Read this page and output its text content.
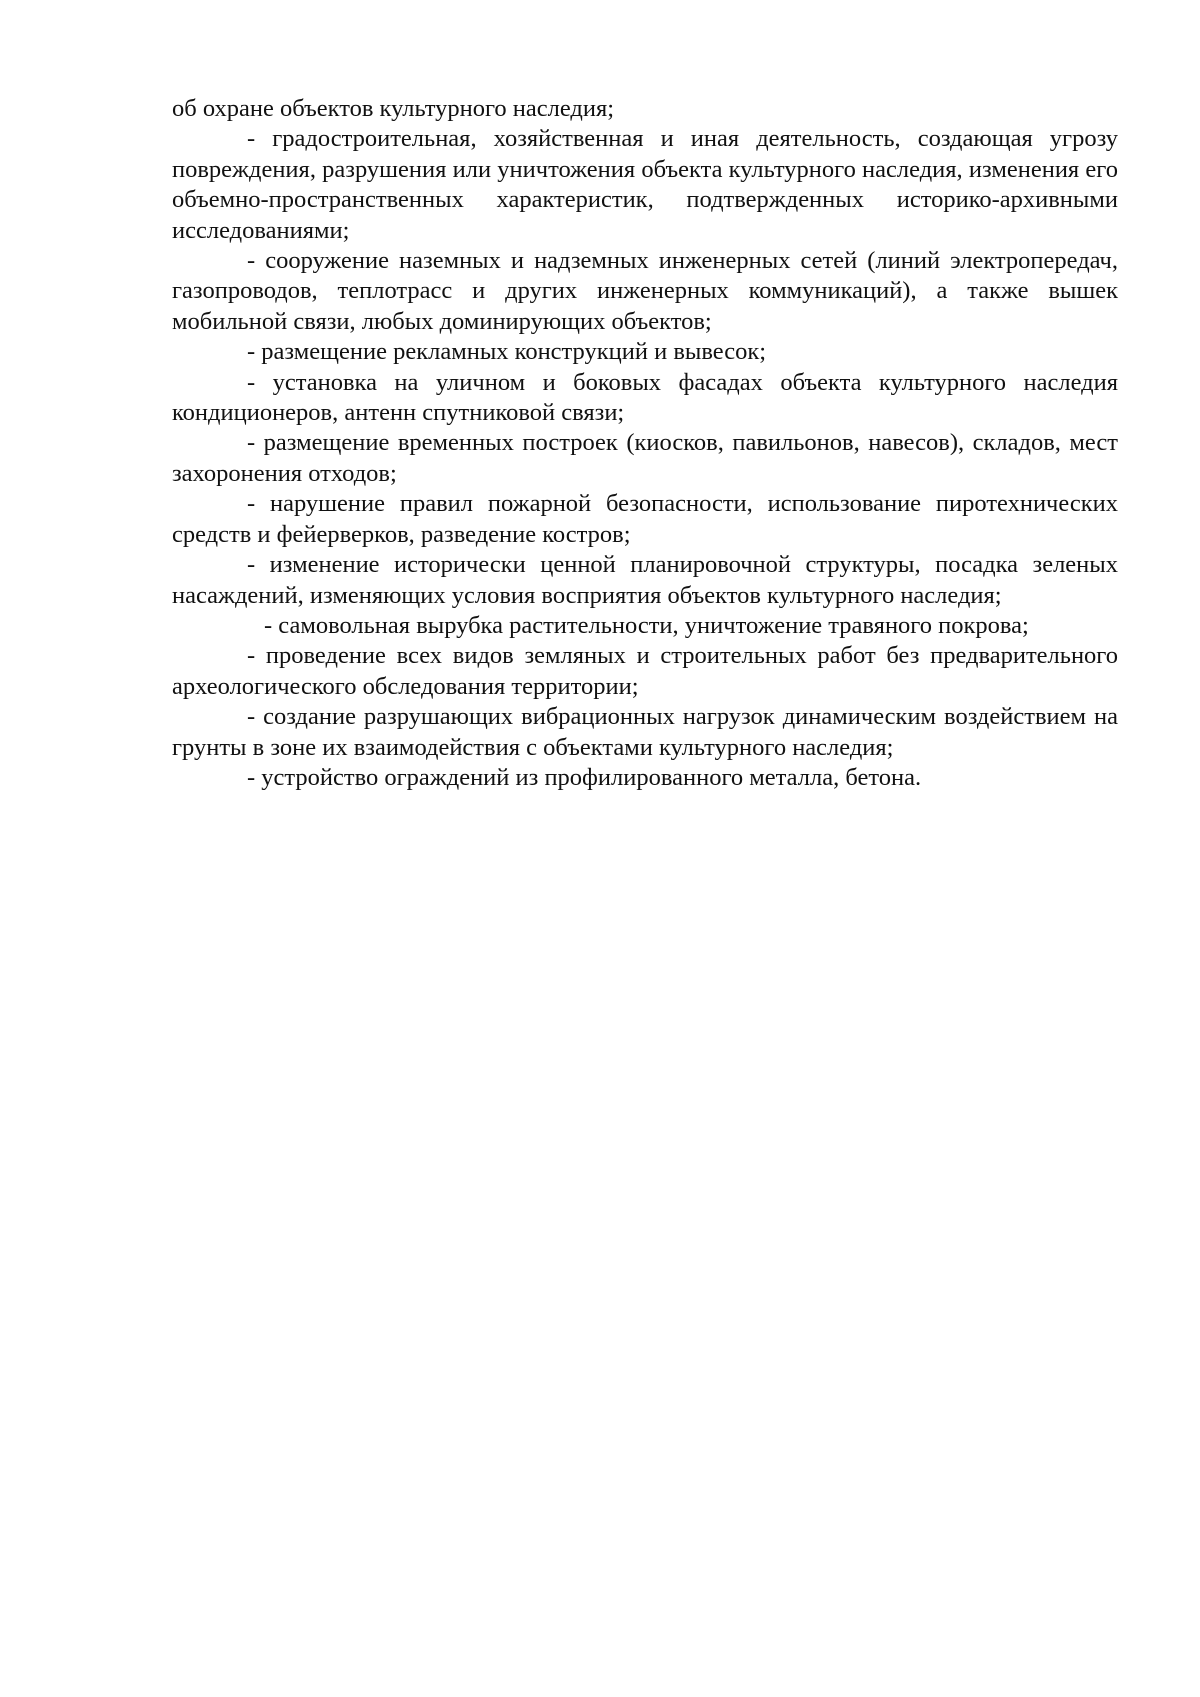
об охране объектов культурного наследия;

- градостроительная, хозяйственная и иная деятельность, создающая угрозу повреждения, разрушения или уничтожения объекта культурного наследия, изменения его объемно-пространственных характеристик, подтвержденных историко-архивными исследованиями;

- сооружение наземных и надземных инженерных сетей (линий электропередач, газопроводов, теплотрасс и других инженерных коммуникаций), а также вышек мобильной связи, любых доминирующих объектов;

- размещение рекламных конструкций и вывесок;

- установка на уличном и боковых фасадах объекта культурного наследия кондиционеров, антенн спутниковой связи;

- размещение временных построек (киосков, павильонов, навесов), складов, мест захоронения отходов;

- нарушение правил пожарной безопасности, использование пиротехнических средств и фейерверков, разведение костров;

- изменение исторически ценной планировочной структуры, посадка зеленых насаждений, изменяющих условия восприятия объектов культурного наследия;

- самовольная вырубка растительности, уничтожение травяного покрова;

- проведение всех видов земляных и строительных работ без предварительного археологического обследования территории;

- создание разрушающих вибрационных нагрузок динамическим воздействием на грунты в зоне их взаимодействия с объектами культурного наследия;

- устройство ограждений из профилированного металла, бетона.
